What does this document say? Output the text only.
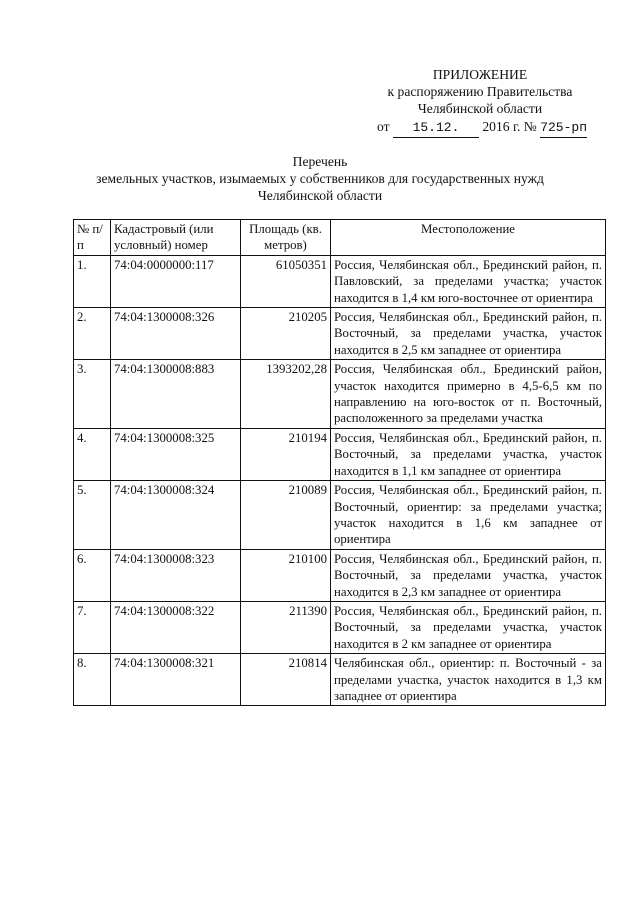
ПРИЛОЖЕНИЕ
к распоряжению Правительства
Челябинской области
от 15.12. 2016 г. № 725-рп
Перечень
земельных участков, изымаемых у собственников для государственных нужд
Челябинской области
№ п/п	Кадастровый (или условный) номер	Площадь (кв. метров)	Местоположение
1.	74:04:0000000:117	61050351	Россия, Челябинская обл., Брединский район, п. Павловский, за пределами участка; участок находится в 1,4 км юго-восточнее от ориентира
2.	74:04:1300008:326	210205	Россия, Челябинская обл., Брединский район, п. Восточный, за пределами участка, участок находится в 2,5 км западнее от ориентира
3.	74:04:1300008:883	1393202,28	Россия, Челябинская обл., Брединский район, участок находится примерно в 4,5-6,5 км по направлению на юго-восток от п. Восточный, расположенного за пределами участка
4.	74:04:1300008:325	210194	Россия, Челябинская обл., Брединский район, п. Восточный, за пределами участка, участок находится в 1,1 км западнее от ориентира
5.	74:04:1300008:324	210089	Россия, Челябинская обл., Брединский район, п. Восточный, ориентир: за пределами участка; участок находится в 1,6 км западнее от ориентира
6.	74:04:1300008:323	210100	Россия, Челябинская обл., Брединский район, п. Восточный, за пределами участка, участок находится в 2,3 км западнее от ориентира
7.	74:04:1300008:322	211390	Россия, Челябинская обл., Брединский район, п. Восточный, за пределами участка, участок находится в 2 км западнее от ориентира
8.	74:04:1300008:321	210814	Челябинская обл., ориентир: п. Восточный - за пределами участка, участок находится в 1,3 км западнее от ориентира
